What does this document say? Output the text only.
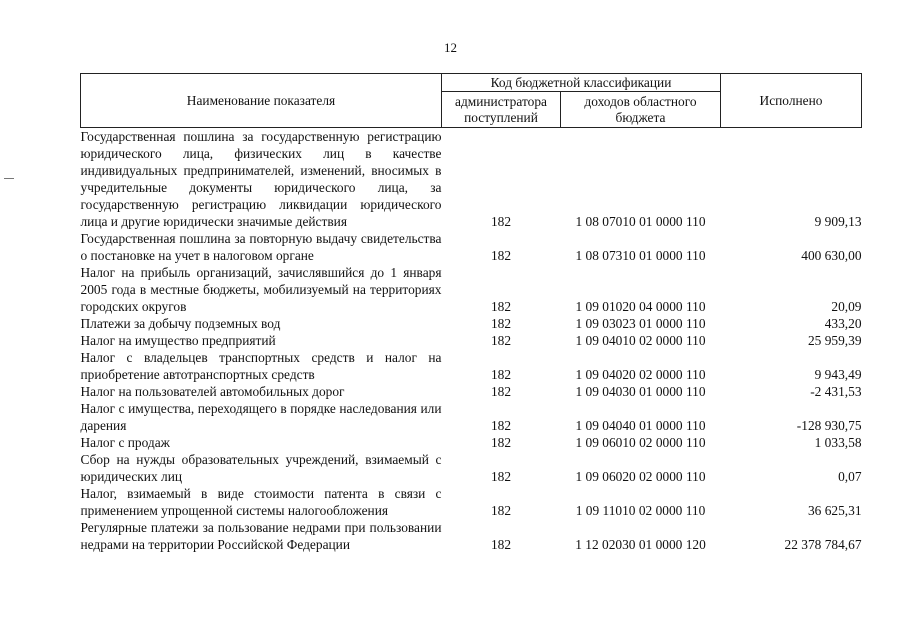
12
Наименование показателя	Код бюджетной классификации		Исполнено
	администратора поступлений	доходов областного бюджета	
Государственная пошлина за государственную регистрацию юридического лица, физических лиц в качестве индивидуальных предпринимателей, изменений, вносимых в учредительные документы юридического лица, за государственную регистрацию ликвидации юридического лица и другие юридически значимые действия	182	1 08 07010 01 0000 110	9 909,13
Государственная пошлина за повторную выдачу свидетельства о постановке на учет в налоговом органе	182	1 08 07310 01 0000 110	400 630,00
Налог на прибыль организаций, зачислявшийся до 1 января 2005 года в местные бюджеты, мобилизуемый на территориях городских округов	182	1 09 01020 04 0000 110	20,09
Платежи за добычу подземных вод	182	1 09 03023 01 0000 110	433,20
Налог на имущество предприятий	182	1 09 04010 02 0000 110	25 959,39
Налог с владельцев транспортных средств и налог на приобретение автотранспортных средств	182	1 09 04020 02 0000 110	9 943,49
Налог на пользователей автомобильных дорог	182	1 09 04030 01 0000 110	-2 431,53
Налог с имущества, переходящего в порядке наследования или дарения	182	1 09 04040 01 0000 110	-128 930,75
Налог с продаж	182	1 09 06010 02 0000 110	1 033,58
Сбор на нужды образовательных учреждений, взимаемый с юридических лиц	182	1 09 06020 02 0000 110	0,07
Налог, взимаемый в виде стоимости патента в связи с применением упрощенной системы налогообложения	182	1 09 11010 02 0000 110	36 625,31
Регулярные платежи за пользование недрами при пользовании недрами на территории Российской Федерации	182	1 12 02030 01 0000 120	22 378 784,67
